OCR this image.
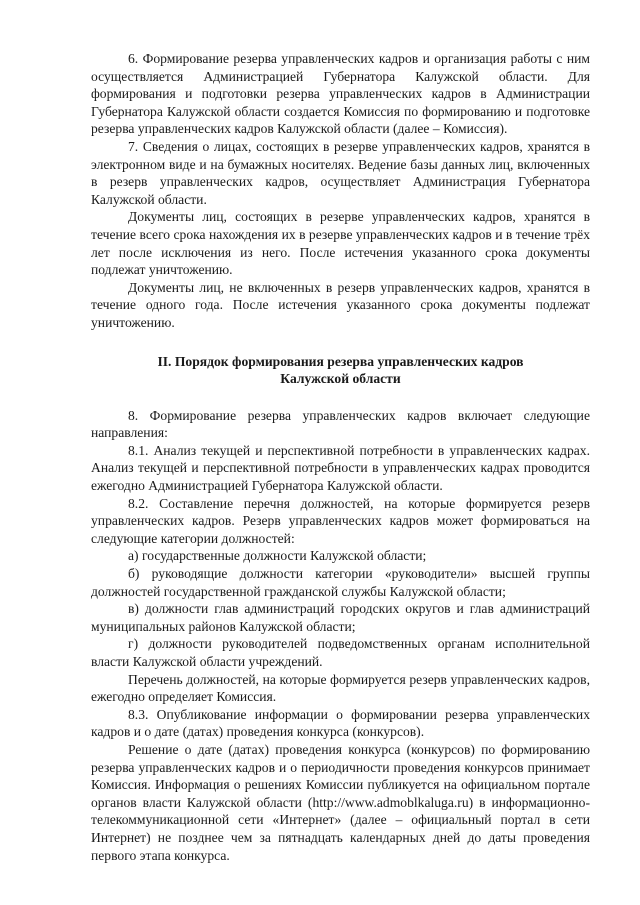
6. Формирование резерва управленческих кадров и организация работы с ним осуществляется Администрацией Губернатора Калужской области. Для формирования и подготовки резерва управленческих кадров в Администрации Губернатора Калужской области создается Комиссия по формированию и подготовке резерва управленческих кадров Калужской области (далее – Комиссия).

7. Сведения о лицах, состоящих в резерве управленческих кадров, хранятся в электронном виде и на бумажных носителях. Ведение базы данных лиц, включенных в резерв управленческих кадров, осуществляет Администрация Губернатора Калужской области.

Документы лиц, состоящих в резерве управленческих кадров, хранятся в течение всего срока нахождения их в резерве управленческих кадров и в течение трёх лет после исключения из него. После истечения указанного срока документы подлежат уничтожению.

Документы лиц, не включенных в резерв управленческих кадров, хранятся в течение одного года. После истечения указанного срока документы подлежат уничтожению.

II. Порядок формирования резерва управленческих кадров
Калужской области

8. Формирование резерва управленческих кадров включает следующие направления:

8.1. Анализ текущей и перспективной потребности в управленческих кадрах. Анализ текущей и перспективной потребности в управленческих кадрах проводится ежегодно Администрацией Губернатора Калужской области.

8.2. Составление перечня должностей, на которые формируется резерв управленческих кадров. Резерв управленческих кадров может формироваться на следующие категории должностей:

а) государственные должности Калужской области;

б) руководящие должности категории «руководители» высшей группы должностей государственной гражданской службы Калужской области;

в) должности глав администраций городских округов и глав администраций муниципальных районов Калужской области;

г) должности руководителей подведомственных органам исполнительной власти Калужской области учреждений.

Перечень должностей, на которые формируется резерв управленческих кадров, ежегодно определяет Комиссия.

8.3. Опубликование информации о формировании резерва управленческих кадров и о дате (датах) проведения конкурса (конкурсов).

Решение о дате (датах) проведения конкурса (конкурсов) по формированию резерва управленческих кадров и о периодичности проведения конкурсов принимает Комиссия. Информация о решениях Комиссии публикуется на официальном портале органов власти Калужской области (http://www.admoblkaluga.ru) в информационно-телекоммуникационной сети «Интернет» (далее – официальный портал в сети Интернет) не позднее чем за пятнадцать календарных дней до даты проведения первого этапа конкурса.
